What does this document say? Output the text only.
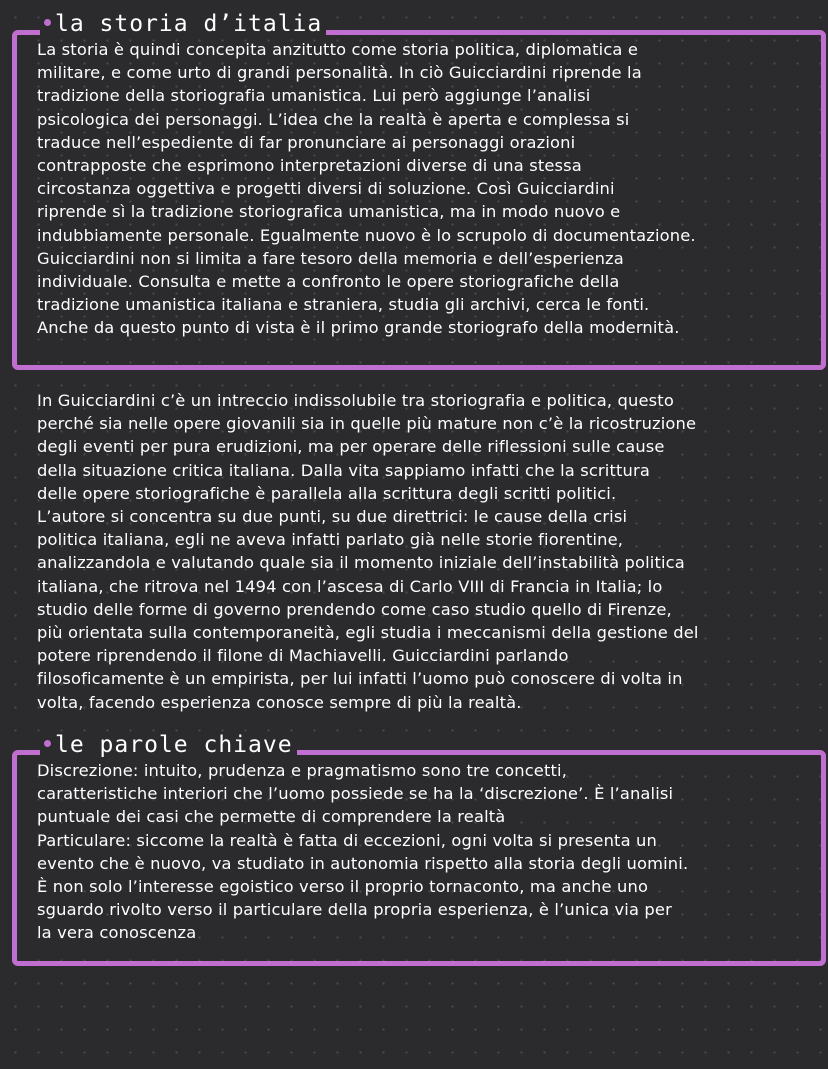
la storia d’italia

La storia è quindi concepita anzitutto come storia politica, diplomatica e

militare, e come urto di grandi personalità. In ciò Guicciardini riprende la

tradizione della storiografia umanistica. Lui però aggiunge l’analisi

psicologica dei personaggi. L’idea che la realtà è aperta e complessa si

traduce nell’espediente di far pronunciare ai personaggi orazioni

contrapposte che esprimono interpretazioni diverse di una stessa

circostanza oggettiva e progetti diversi di soluzione. Così Guicciardini

riprende sì la tradizione storiografica umanistica, ma in modo nuovo e

indubbiamente personale. Egualmente nuovo è lo scrupolo di documentazione.

Guicciardini non si limita a fare tesoro della memoria e dell’esperienza

individuale. Consulta e mette a confronto le opere storiografiche della

tradizione umanistica italiana e straniera, studia gli archivi, cerca le fonti.

Anche da questo punto di vista è il primo grande storiografo della modernità.

In Guicciardini c’è un intreccio indissolubile tra storiografia e politica, questo

perché sia nelle opere giovanili sia in quelle più mature non c’è la ricostruzione

degli eventi per pura erudizioni, ma per operare delle riflessioni sulle cause

della situazione critica italiana. Dalla vita sappiamo infatti che la scrittura

delle opere storiografiche è parallela alla scrittura degli scritti politici.

L’autore si concentra su due punti, su due direttrici: le cause della crisi

politica italiana, egli ne aveva infatti parlato già nelle storie fiorentine,

analizzandola e valutando quale sia il momento iniziale dell’instabilità politica

italiana, che ritrova nel 1494 con l’ascesa di Carlo VIII di Francia in Italia; lo

studio delle forme di governo prendendo come caso studio quello di Firenze,

più orientata sulla contemporaneità, egli studia i meccanismi della gestione del

potere riprendendo il filone di Machiavelli. Guicciardini parlando

filosoficamente è un empirista, per lui infatti l’uomo può conoscere di volta in

volta, facendo esperienza conosce sempre di più la realtà.

le parole chiave

Discrezione: intuito, prudenza e pragmatismo sono tre concetti,

caratteristiche interiori che l’uomo possiede se ha la ‘discrezione’. È l’analisi

puntuale dei casi che permette di comprendere la realtà

Particulare: siccome la realtà è fatta di eccezioni, ogni volta si presenta un

evento che è nuovo, va studiato in autonomia rispetto alla storia degli uomini.

È non solo l’interesse egoistico verso il proprio tornaconto, ma anche uno

sguardo rivolto verso il particulare della propria esperienza, è l’unica via per

la vera conoscenza
